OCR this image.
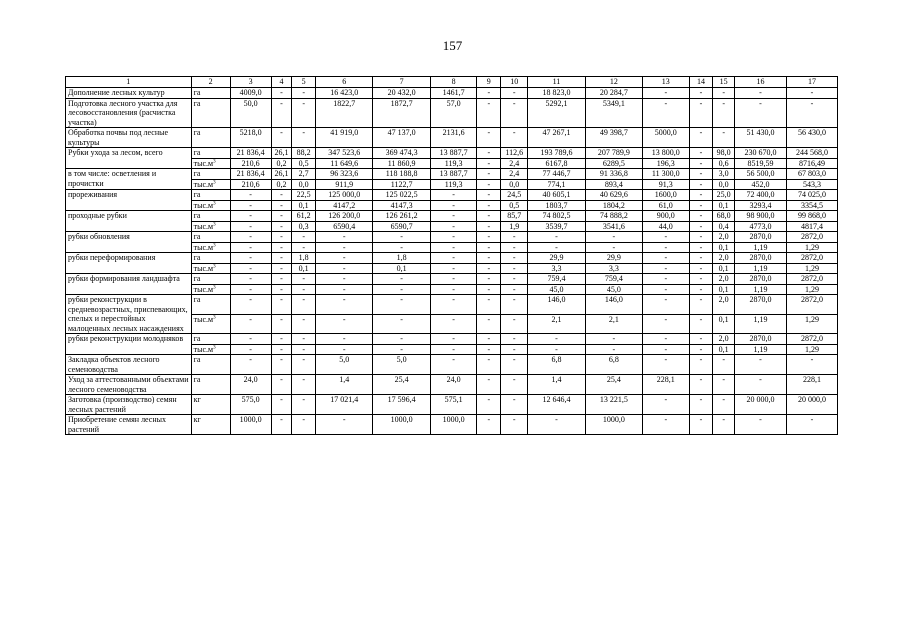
157
1	2	3	4	5	6	7	8	9	10	11	12	13	14	15	16	17
Дополнение лесных культур	га	4009,0	-	-	16 423,0	20 432,0	1461,7	-	-	18 823,0	20 284,7	-	-	-	-	-
Подготовка лесного участка для лесовосстановления (расчистка участка)	га	50,0	-	-	1822,7	1872,7	57,0	-	-	5292,1	5349,1	-	-	-	-	-
Обработка почвы под лесные культуры	га	5218,0	-	-	41 919,0	47 137,0	2131,6	-	-	47 267,1	49 398,7	5000,0	-	-	51 430,0	56 430,0
Рубки ухода за лесом, всего	га	21 836,4	26,1	88,2	347 523,6	369 474,3	13 887,7	-	112,6	193 789,6	207 789,9	13 800,0	-	98,0	230 670,0	244 568,0
	$тыс.м^3$	210,6	0,2	0,5	11 649,6	11 860,9	119,3	-	2,4	6167,8	6289,5	196,3	-	0,6	8519,59	8716,49
в том числе: осветления и прочистки	га	21 836,4	26,1	2,7	96 323,6	118 188,8	13 887,7	-	2,4	77 446,7	91 336,8	11 300,0	-	3,0	56 500,0	67 803,0
	$тыс.м^3$	210,6	0,2	0,0	911,9	1122,7	119,3	-	0,0	774,1	893,4	91,3	-	0,0	452,0	543,3
прореживания	га	-	-	22,5	125 000,0	125 022,5	-	-	24,5	40 605,1	40 629,6	1600,0	-	25,0	72 400,0	74 025,0
	$тыс.м^3$	-	-	0,1	4147,2	4147,3	-	-	0,5	1803,7	1804,2	61,0	-	0,1	3293,4	3354,5
проходные рубки	га	-	-	61,2	126 200,0	126 261,2	-	-	85,7	74 802,5	74 888,2	900,0	-	68,0	98 900,0	99 868,0
	$тыс.м^3$	-	-	0,3	6590,4	6590,7	-	-	1,9	3539,7	3541,6	44,0	-	0,4	4773,0	4817,4
рубки обновления	га	-	-	-	-	-	-	-	-	-	-	-	-	2,0	2870,0	2872,0
	$тыс.м^3$	-	-	-	-	-	-	-	-	-	-	-	-	0,1	1,19	1,29
рубки переформирования	га	-	-	1,8	-	1,8	-	-	-	29,9	29,9	-	-	2,0	2870,0	2872,0
	$тыс.м^3$	-	-	0,1	-	0,1	-	-	-	3,3	3,3	-	-	0,1	1,19	1,29
рубки формирования ландшафта	га	-	-	-	-	-	-	-	-	759,4	759,4	-	-	2,0	2870,0	2872,0
	$тыс.м^3$	-	-	-	-	-	-	-	-	45,0	45,0	-	-	0,1	1,19	1,29
рубки реконструкции в средневозрастных, приспевающих, спелых и перестойных малоценных лесных насаждениях	га	-	-	-	-	-	-	-	-	146,0	146,0	-	-	2,0	2870,0	2872,0
	$тыс.м^3$	-	-	-	-	-	-	-	-	2,1	2,1	-	-	0,1	1,19	1,29
рубки реконструкции молодняков	га	-	-	-	-	-	-	-	-	-	-	-	-	2,0	2870,0	2872,0
	$тыс.м^3$	-	-	-	-	-	-	-	-	-	-	-	-	0,1	1,19	1,29
Закладка объектов лесного семеноводства	га	-	-	-	5,0	5,0	-	-	-	6,8	6,8	-	-	-	-	-
Уход за аттестованными объектами лесного семеноводства	га	24,0	-	-	1,4	25,4	24,0	-	-	1,4	25,4	228,1	-	-	-	228,1
Заготовка (производство) семян лесных растений	кг	575,0	-	-	17 021,4	17 596,4	575,1	-	-	12 646,4	13 221,5	-	-	-	20 000,0	20 000,0
Приобретение семян лесных растений	кг	1000,0	-	-	-	1000,0	1000,0	-	-	-	1000,0	-	-	-	-	-
